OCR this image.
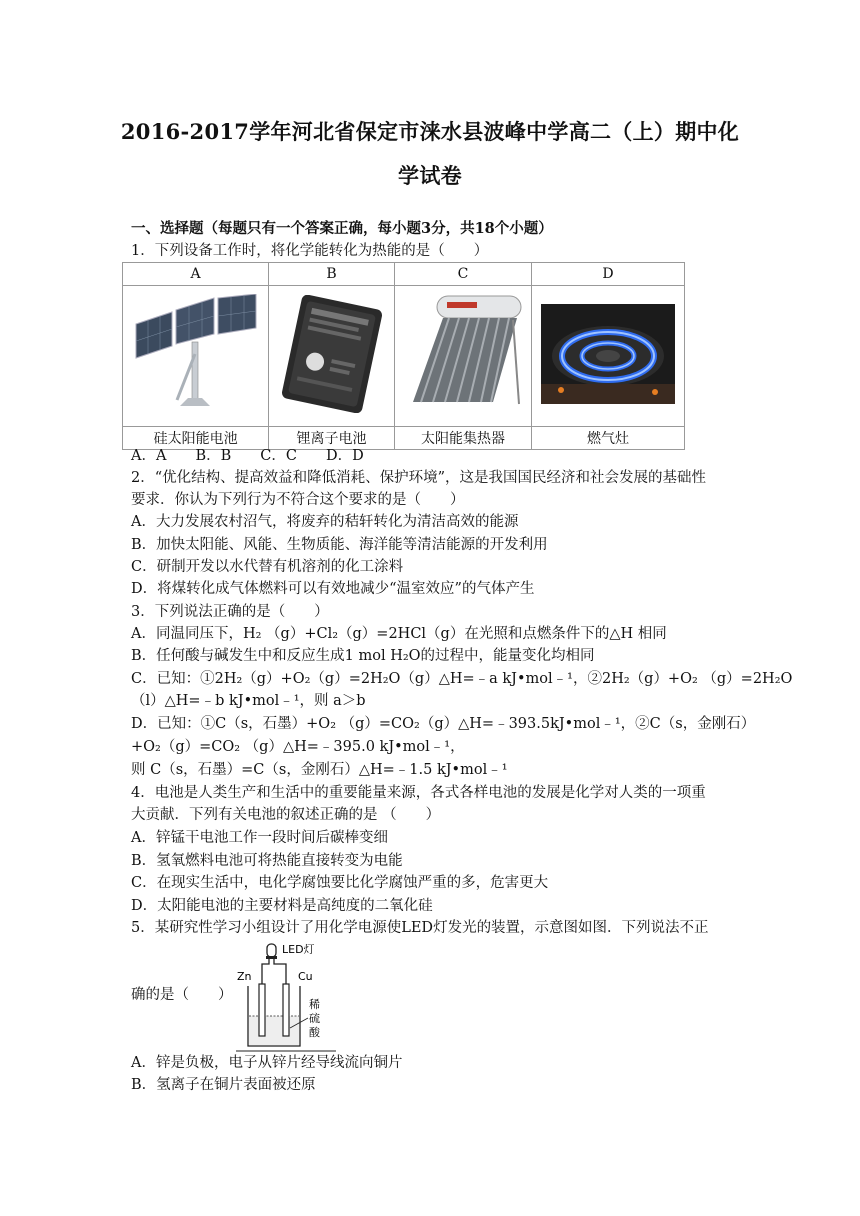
2016-2017学年河北省保定市涞水县波峰中学高二（上）期中化
学试卷
一、选择题（每题只有一个答案正确，每小题3分，共18个小题）
1．下列设备工作时，将化学能转化为热能的是（　　）
A	B	C	D

硅太阳能电池	锂离子电池	太阳能集热器	燃气灶
A．A　　B．B　　C．C　　D．D
2．“优化结构、提高效益和降低消耗、保护环境”，这是我国国民经济和社会发展的基础性
要求．你认为下列行为不符合这个要求的是（　　）
A．大力发展农村沼气，将废弃的秸轩转化为清洁高效的能源
B．加快太阳能、风能、生物质能、海洋能等清洁能源的开发利用
C．研制开发以水代替有机溶剂的化工涂料
D．将煤转化成气体燃料可以有效地减少“温室效应”的气体产生
3．下列说法正确的是（　　）
A．同温同压下，H₂ （g）+Cl₂（g）=2HCl（g）在光照和点燃条件下的△H 相同
B．任何酸与碱发生中和反应生成1 mol H₂O的过程中，能量变化均相同
C．已知：①2H₂（g）+O₂（g）=2H₂O（g）△H=﹣a kJ•mol﹣¹，②2H₂（g）+O₂ （g）=2H₂O
（l）△H=﹣b kJ•mol﹣¹，则 a＞b
D．已知：①C（s，石墨）+O₂ （g）=CO₂（g）△H=﹣393.5kJ•mol﹣¹，②C（s，金刚石）
+O₂（g）=CO₂ （g）△H=﹣395.0 kJ•mol﹣¹，
则 C（s，石墨）=C（s，金刚石）△H=﹣1.5 kJ•mol﹣¹
4．电池是人类生产和生活中的重要能量来源，各式各样电池的发展是化学对人类的一项重
大贡献．下列有关电池的叙述正确的是 （　　）
A．锌锰干电池工作一段时间后碳棒变细
B．氢氧燃料电池可将热能直接转变为电能
C．在现实生活中，电化学腐蚀要比化学腐蚀严重的多，危害更大
D．太阳能电池的主要材料是高纯度的二氧化硅
5．某研究性学习小组设计了用化学电源使LED灯发光的装置，示意图如图．下列说法不正
确的是（　　）
LED灯
Zn	Cu
稀
硫
酸
A．锌是负极，电子从锌片经导线流向铜片
B．氢离子在铜片表面被还原
